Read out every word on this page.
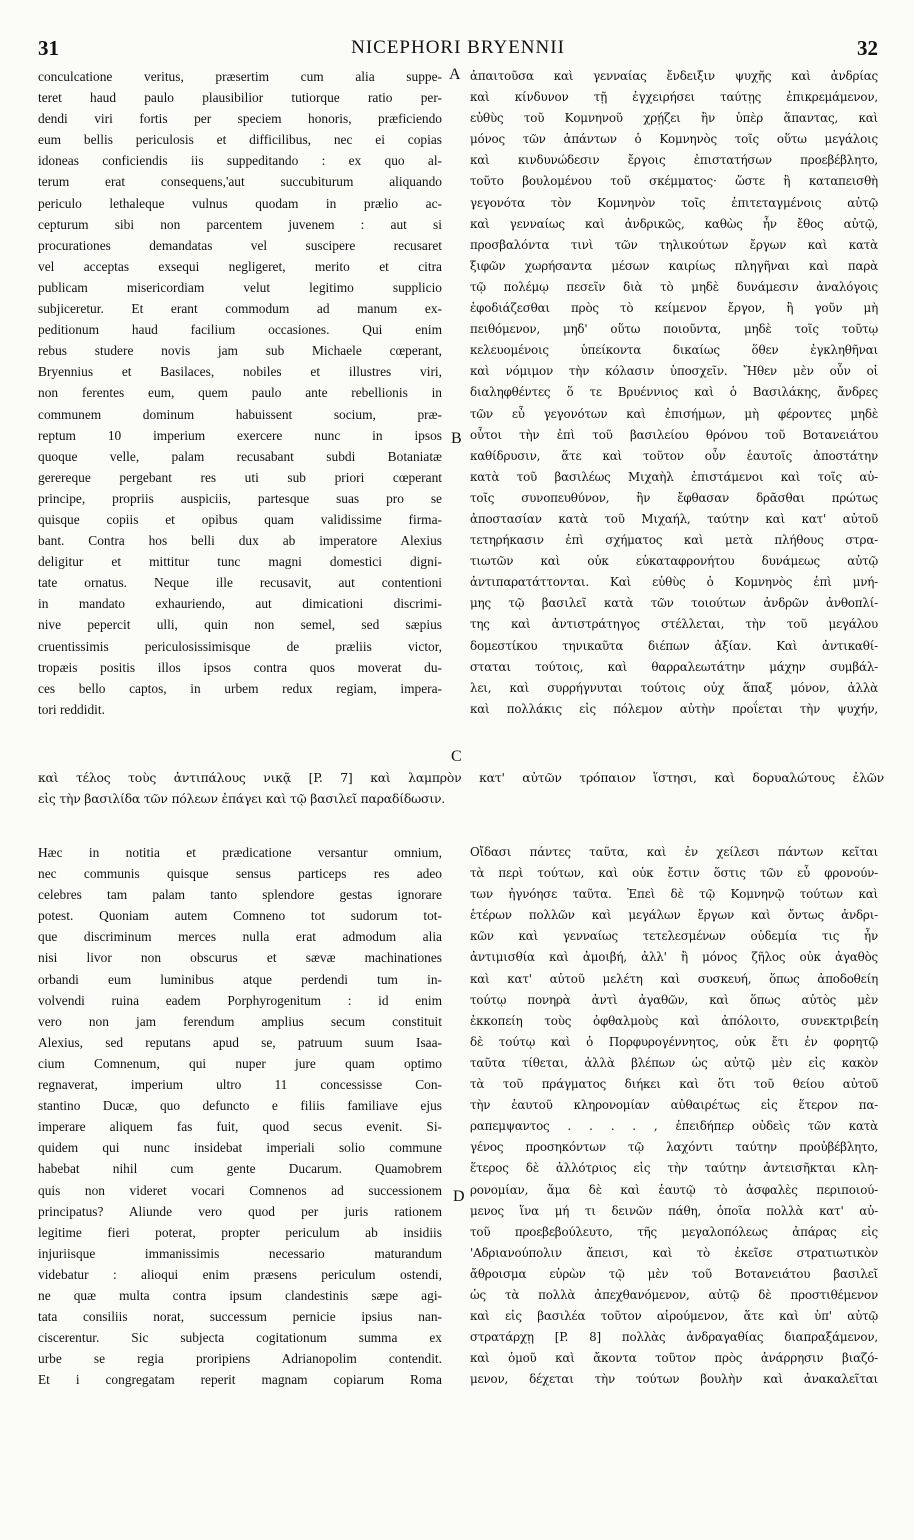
31	NICEPHORI BRYENNII	32
conculcatione veritus, præsertim cum alia suppe-
teret haud paulo plausibilior tutiorque ratio per-
dendi viri fortis per speciem honoris, præficiendo
eum bellis periculosis et difficilibus, nec ei copias
idoneas conficiendis iis suppeditando : ex quo al-
terum erat consequens,'aut succubiturum aliquando
periculo lethaleque vulnus quodam in prælio ac-
cepturum sibi non parcentem juvenem : aut si
procurationes demandatas vel suscipere recusaret
vel acceptas exsequi negligeret, merito et citra
publicam misericordiam velut legitimo supplicio
subjiceretur. Et erant commodum ad manum ex-
peditionum haud facilium occasiones. Qui enim
rebus studere novis jam sub Michaele cœperant,
Bryennius et Basilaces, nobiles et illustres viri,
non ferentes eum, quem paulo ante rebellionis in
communem dominum habuissent socium, præ-
reptum 10 imperium exercere nunc in ipsos
quoque velle, palam recusabant subdi Botaniatæ
gerereque pergebant res uti sub priori cœperant
principe, propriis auspiciis, partesque suas pro se
quisque copiis et opibus quam validissime firma-
bant. Contra hos belli dux ab imperatore Alexius
deligitur et mittitur tunc magni domestici digni-
tate ornatus. Neque ille recusavit, aut contentioni
in mandato exhauriendo, aut dimicationi discrimi-
nive pepercit ulli, quin non semel, sed sæpius
cruentissimis periculosissimisque de præliis victor,
tropæis positis illos ipsos contra quos moverat du-
ces bello captos, in urbem redux regiam, impera-
tori reddidit.
ἀπαιτοῦσα καὶ γενναίας ἔνδειξιν ψυχῆς καὶ ἀνδρίας
καὶ κίνδυνον τῇ ἐγχειρήσει ταύτῃς ἐπικρεμάμενον,
εὐθὺς τοῦ Κομνηνοῦ χρῄζει ἢν ὑπὲρ ἅπαντας, καὶ
μόνος τῶν ἁπάντων ὁ Κομνηνὸς τοῖς οὕτω μεγάλοις
καὶ κινδυνώδεσιν ἔργοις ἐπιστατήσων προεβέβλητο,
τοῦτο βουλομένου τοῦ σκέμματος· ὥστε ἢ καταπεισθὴ
γεγονότα τὸν Κομνηνὸν τοῖς ἐπιτεταγμένοις αὐτῷ
καὶ γενναίως καὶ ἀνδρικῶς, καθὼς ἦν ἔθος αὐτῷ,
προσβαλόντα τινὶ τῶν τηλικούτων ἔργων καὶ κατὰ
ξιφῶν χωρήσαντα μέσων καιρίως πληγῆναι καὶ παρὰ
τῷ πολέμῳ πεσεῖν διὰ τὸ μηδὲ δυνάμεσιν ἀναλόγοις
ἐφοδιάζεσθαι πρὸς τὸ κείμενον ἔργον, ἢ γοῦν μὴ
πειθόμενον, μηδ' οὕτω ποιοῦντα, μηδὲ τοῖς τοῦτῳ
κελευομένοις ὑπείκοντα δικαίως ὅθεν ἐγκληθῆναι
καὶ νόμιμον τὴν κόλασιν ὑποσχεῖν. Ἤθεν μὲν οὖν οἱ
διαληφθέντες ὅ τε Βρυέννιος καὶ ὁ Βασιλάκης, ἄνδρες
τῶν εὖ γεγονότων καὶ ἐπισήμων, μὴ φέροντες μηδὲ
οὗτοι τὴν ἐπὶ τοῦ βασιλείου θρόνου τοῦ Βοτανειάτου
καθίδρυσιν, ἅτε καὶ τοῦτον οὖν ἑαυτοῖς ἀποστάτην
κατὰ τοῦ βασιλέως Μιχαὴλ ἐπιστάμενοι καὶ τοῖς αὐ-
τοῖς συνοπευθύνον, ἣν ἔφθασαν δρᾶσθαι πρώτως
ἀποστασίαν κατὰ τοῦ Μιχαήλ, ταύτην καὶ κατ' αὐτοῦ
τετηρήκασιν ἐπὶ σχήματος καὶ μετὰ πλήθους στρα-
τιωτῶν καὶ οὐκ εὐκαταφρονήτου δυνάμεως αὐτῷ
ἀντιπαρατάττονται. Καὶ εὐθὺς ὁ Κομνηνὸς ἐπὶ μνή-
μης τῷ βασιλεῖ κατὰ τῶν τοιούτων ἀνδρῶν ἀνθοπλί-
της καὶ ἀντιστράτηγος στέλλεται, τὴν τοῦ μεγάλου
δομεστίκου τηνικαῦτα διέπων ἀξίαν. Καὶ ἀντικαθί-
σταται τούτοις, καὶ θαρραλεωτάτην μάχην συμβάλ-
λει, καὶ συρρήγνυται τούτοις οὐχ ἅπαξ μόνον, ἀλλὰ
καὶ πολλάκις εἰς πόλεμον αὐτὴν προΐεται τὴν ψυχήν,
A
B
C
D
καὶ τέλος τοὺς ἀντιπάλους νικᾷ [P. 7] καὶ λαμπρὸν κατ' αὐτῶν τρόπαιον ἵστησι, καὶ δορυαλώτους ἐλῶν
εἰς τὴν βασιλίδα τῶν πόλεων ἐπάγει καὶ τῷ βασιλεῖ παραδίδωσιν.
Hæc in notitia et prædicatione versantur omnium,
nec communis quisque sensus particeps res adeo
celebres tam palam tanto splendore gestas ignorare
potest. Quoniam autem Comneno tot sudorum tot-
que discriminum merces nulla erat admodum alia
nisi livor non obscurus et sævæ machinationes
orbandi eum luminibus atque perdendi tum in-
volvendi ruina eadem Porphyrogenitum : id enim
vero non jam ferendum amplius secum constituit
Alexius, sed reputans apud se, patruum suum Isaa-
cium Comnenum, qui nuper jure quam optimo
regnaverat, imperium ultro 11 concessisse Con-
stantino Ducæ, quo defuncto e filiis familiave ejus
imperare aliquem fas fuit, quod secus evenit. Si-
quidem qui nunc insidebat imperiali solio commune
habebat nihil cum gente Ducarum. Quamobrem
quis non videret vocari Comnenos ad successionem
principatus? Aliunde vero quod per juris rationem
legitime fieri poterat, propter periculum ab insidiis
injuriisque immanissimis necessario maturandum
videbatur : alioqui enim præsens periculum ostendi,
ne quæ multa contra ipsum clandestinis sæpe agi-
tata consiliis norat, successum pernicie ipsius nan-
ciscerentur. Sic subjecta cogitationum summa ex
urbe se regia proripiens Adrianopolim contendit.
Et i congregatam reperit magnam copiarum Roma
Οἴδασι πάντες ταῦτα, καὶ ἐν χείλεσι πάντων κεῖται
τὰ περὶ τούτων, καὶ οὐκ ἔστιν ὅστις τῶν εὖ φρονούν-
των ἠγνόησε ταῦτα. Ἐπεὶ δὲ τῷ Κομνηνῷ τούτων καὶ
ἑτέρων πολλῶν καὶ μεγάλων ἔργων καὶ ὄντως ἀνδρι-
κῶν καὶ γενναίως τετελεσμένων οὐδεμία τις ἦν
ἀντιμισθία καὶ ἀμοιβή, ἀλλ' ἢ μόνος ζῆλος οὐκ ἀγαθὸς
καὶ κατ' αὐτοῦ μελέτη καὶ συσκευή, ὅπως ἀποδοθείη
τούτῳ πονηρὰ ἀντὶ ἀγαθῶν, καὶ ὅπως αὐτὸς μὲν
ἐκκοπείη τοὺς ὀφθαλμοὺς καὶ ἀπόλοιτο, συνεκτριβείη
δὲ τούτῳ καὶ ὁ Πορφυρογέννητος, οὐκ ἔτι ἐν φορητῷ
ταῦτα τίθεται, ἀλλὰ βλέπων ὡς αὐτῷ μὲν εἰς κακὸν
τὰ τοῦ πράγματος διήκει καὶ ὅτι τοῦ θείου αὐτοῦ
τὴν ἑαυτοῦ κληρονομίαν αὐθαιρέτως εἰς ἕτερον πα-
ραπεμψαντος . . . . , ἐπειδήπερ οὐδεὶς τῶν κατὰ
γένος προσηκόντων τῷ λαχόντι ταύτην προὐβέβλητο,
ἕτερος δὲ ἀλλότριος εἰς τὴν ταύτην ἀντεισῆκται κλη-
ρονομίαν, ἅμα δὲ καὶ ἑαυτῷ τὸ ἀσφαλὲς περιποιού-
μενος ἵνα μή τι δεινῶν πάθη, ὁποῖα πολλὰ κατ' αὐ-
τοῦ προεβεβούλευτο, τῆς μεγαλοπόλεως ἀπάρας εἰς
'Αδριανούπολιν ἄπεισι, καὶ τὸ ἐκεῖσε στρατιωτικὸν
ἄθροισμα εὑρὼν τῷ μὲν τοῦ Βοτανειάτου βασιλεῖ
ὡς τὰ πολλὰ ἀπεχθανόμενον, αὐτῷ δὲ προστιθέμενον
καὶ εἰς βασιλέα τοῦτον αἱρούμενον, ἅτε καὶ ὑπ' αὐτῷ
στρατάρχῃ [P. 8] πολλὰς ἀνδραγαθίας διαπραξάμενον,
καὶ ὁμοῦ καὶ ἄκοντα τοῦτον πρὸς ἀνάρρησιν βιαζό-
μενον, δέχεται τὴν τούτων βουλὴν καὶ ἀνακαλεῖται
